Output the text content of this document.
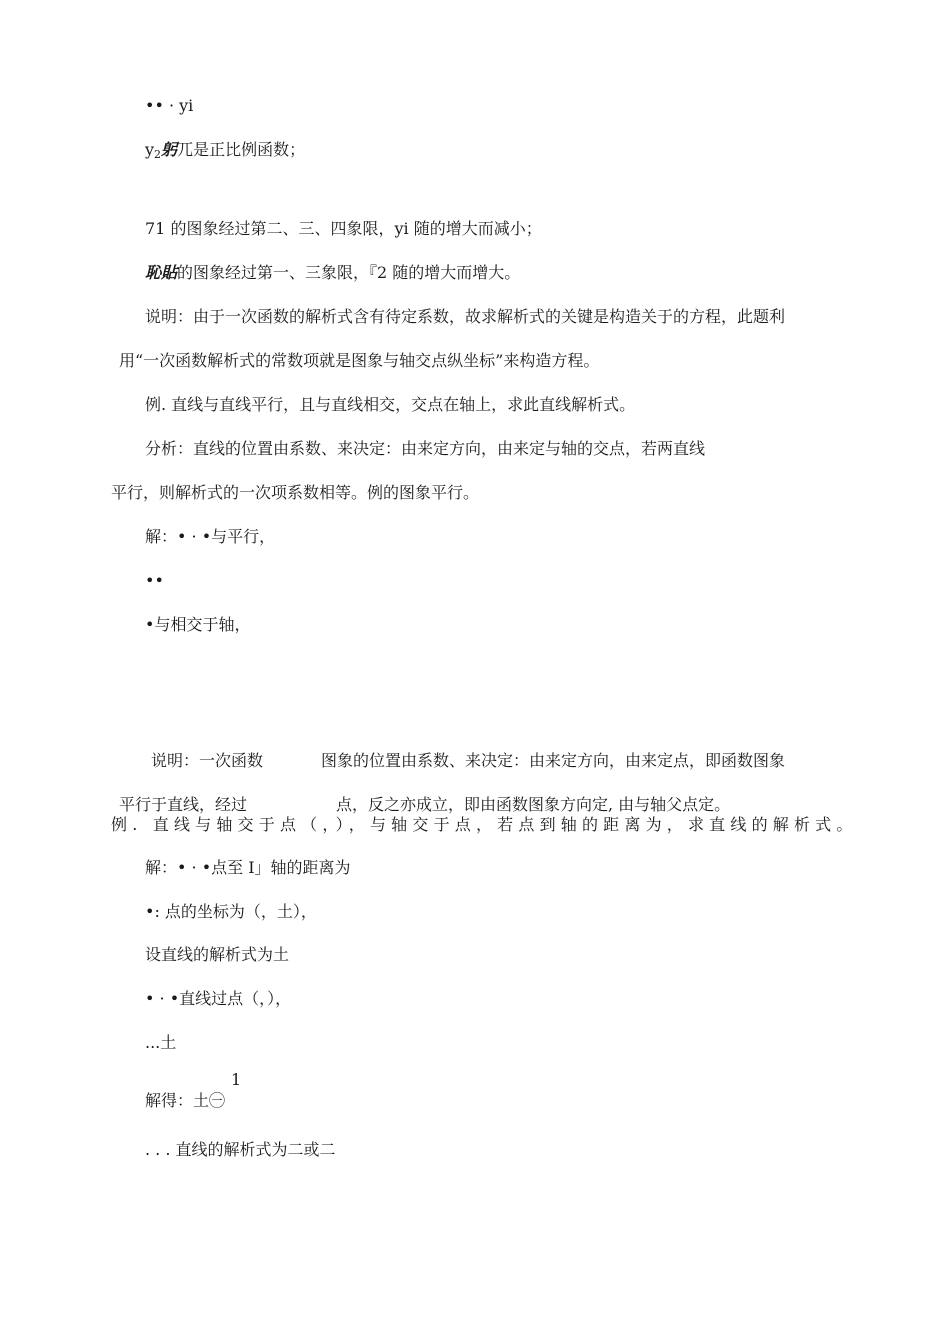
•• · yi
$y_2$躬兀是正比例函数；
71 的图象经过第二、三、四象限，yi 随的增大而减小；
恥貼的图象经过第一、三象限，『2 随的增大而增大。
说明：由于一次函数的解析式含有待定系数，故求解析式的关键是构造关于的方程，此题利
用“一次函数解析式的常数项就是图象与轴交点纵坐标”来构造方程。
例. 直线与直线平行，且与直线相交，交点在轴上，求此直线解析式。
分析：直线的位置由系数、来决定：由来定方向，由来定与轴的交点，若两直线
平行，则解析式的一次项系数相等。例的图象平行。
解：• · •与平行，
••
•与相交于轴，
说明：一次函数	图象的位置由系数、来决定：由来定方向，由来定点，即函数图象
平行于直线，经过	点，反之亦成立，即由函数图象方向定, 由与轴父点定。
例. 直线与轴交于点（，），与轴交于点，若点到轴的距离为，求直线的解析式。
解：• · •点至 I」轴的距离为
•: 点的坐标为（，土），
设直线的解析式为土
• · •直线过点（，），
...土
1
解得：土㊀
. . . 直线的解析式为二或二
